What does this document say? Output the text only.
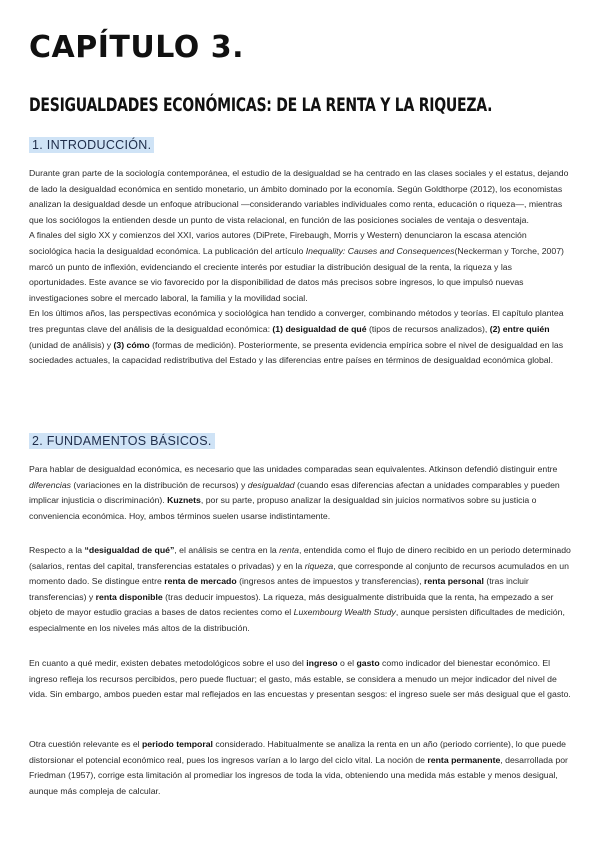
CAPÍTULO 3.
DESIGUALDADES ECONÓMICAS: DE LA RENTA Y LA RIQUEZA.
1. INTRODUCCIÓN.

Durante gran parte de la sociología contemporánea, el estudio de la desigualdad se ha centrado en las clases sociales y el estatus, dejando de lado la desigualdad económica en sentido monetario, un ámbito dominado por la economía. Según Goldthorpe (2012), los economistas analizan la desigualdad desde un enfoque atribucional —considerando variables individuales como renta, educación o riqueza—, mientras que los sociólogos la entienden desde un punto de vista relacional, en función de las posiciones sociales de ventaja o desventaja.
A finales del siglo XX y comienzos del XXI, varios autores (DiPrete, Firebaugh, Morris y Western) denunciaron la escasa atención sociológica hacia la desigualdad económica. La publicación del artículo Inequality: Causes and Consequences(Neckerman y Torche, 2007) marcó un punto de inflexión, evidenciando el creciente interés por estudiar la distribución desigual de la renta, la riqueza y las oportunidades. Este avance se vio favorecido por la disponibilidad de datos más precisos sobre ingresos, lo que impulsó nuevas investigaciones sobre el mercado laboral, la familia y la movilidad social.
En los últimos años, las perspectivas económica y sociológica han tendido a converger, combinando métodos y teorías. El capítulo plantea tres preguntas clave del análisis de la desigualdad económica: (1) desigualdad de qué (tipos de recursos analizados), (2) entre quién (unidad de análisis) y (3) cómo (formas de medición). Posteriormente, se presenta evidencia empírica sobre el nivel de desigualdad en las sociedades actuales, la capacidad redistributiva del Estado y las diferencias entre países en términos de desigualdad económica global.

2. FUNDAMENTOS BÁSICOS.

Para hablar de desigualdad económica, es necesario que las unidades comparadas sean equivalentes. Atkinson defendió distinguir entre diferencias (variaciones en la distribución de recursos) y desigualdad (cuando esas diferencias afectan a unidades comparables y pueden implicar injusticia o discriminación). Kuznets, por su parte, propuso analizar la desigualdad sin juicios normativos sobre su justicia o conveniencia económica. Hoy, ambos términos suelen usarse indistintamente.

Respecto a la “desigualdad de qué”, el análisis se centra en la renta, entendida como el flujo de dinero recibido en un periodo determinado (salarios, rentas del capital, transferencias estatales o privadas) y en la riqueza, que corresponde al conjunto de recursos acumulados en un momento dado. Se distingue entre renta de mercado (ingresos antes de impuestos y transferencias), renta personal (tras incluir transferencias) y renta disponible (tras deducir impuestos). La riqueza, más desigualmente distribuida que la renta, ha empezado a ser objeto de mayor estudio gracias a bases de datos recientes como el Luxembourg Wealth Study, aunque persisten dificultades de medición, especialmente en los niveles más altos de la distribución.

En cuanto a qué medir, existen debates metodológicos sobre el uso del ingreso o el gasto como indicador del bienestar económico. El ingreso refleja los recursos percibidos, pero puede fluctuar; el gasto, más estable, se considera a menudo un mejor indicador del nivel de vida. Sin embargo, ambos pueden estar mal reflejados en las encuestas y presentan sesgos: el ingreso suele ser más desigual que el gasto.

Otra cuestión relevante es el periodo temporal considerado. Habitualmente se analiza la renta en un año (periodo corriente), lo que puede distorsionar el potencial económico real, pues los ingresos varían a lo largo del ciclo vital. La noción de renta permanente, desarrollada por Friedman (1957), corrige esta limitación al promediar los ingresos de toda la vida, obteniendo una medida más estable y menos desigual, aunque más compleja de calcular.
